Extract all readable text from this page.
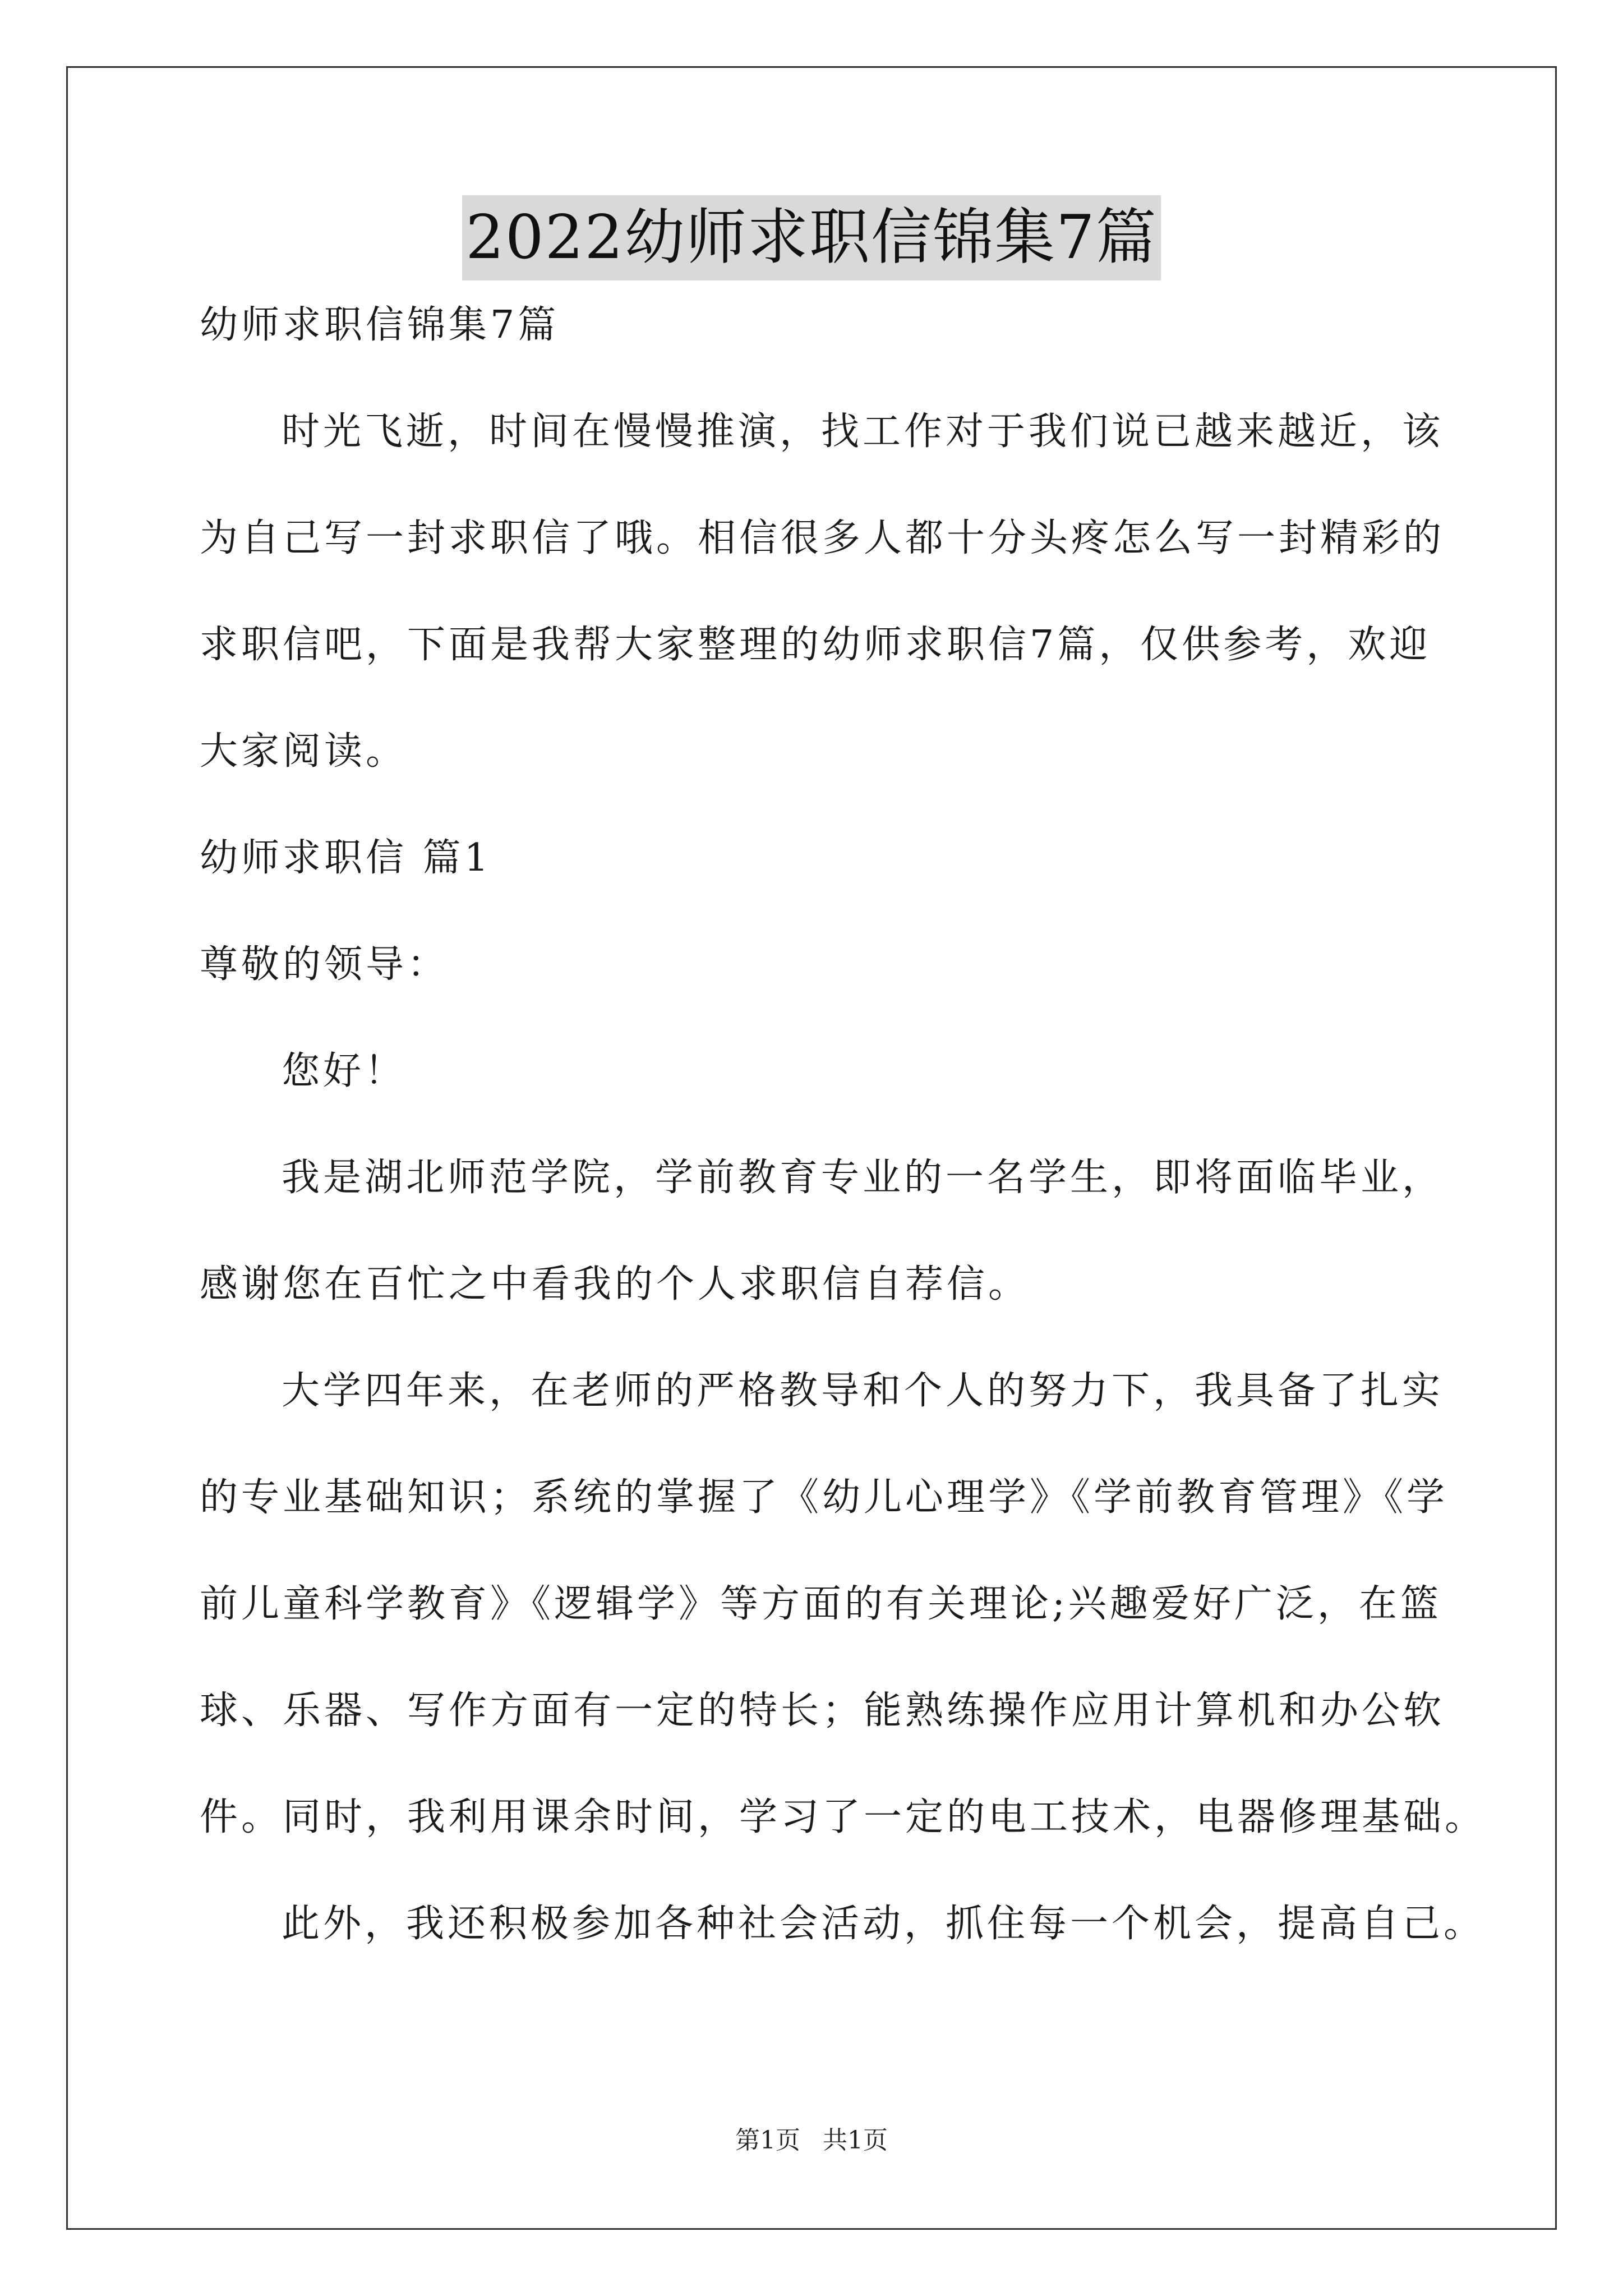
2022幼师求职信锦集7篇
幼师求职信锦集7篇
时光飞逝，时间在慢慢推演，找工作对于我们说已越来越近，该
为自己写一封求职信了哦。相信很多人都十分头疼怎么写一封精彩的
求职信吧，下面是我帮大家整理的幼师求职信7篇，仅供参考，欢迎
大家阅读。
幼师求职信 篇1
尊敬的领导：
您好！
我是湖北师范学院，学前教育专业的一名学生，即将面临毕业，
感谢您在百忙之中看我的个人求职信自荐信。
大学四年来，在老师的严格教导和个人的努力下，我具备了扎实
的专业基础知识；系统的掌握了《幼儿心理学》《学前教育管理》《学
前儿童科学教育》《逻辑学》等方面的有关理论;兴趣爱好广泛，在篮
球、乐器、写作方面有一定的特长；能熟练操作应用计算机和办公软
件。同时，我利用课余时间，学习了一定的电工技术，电器修理基础。
此外，我还积极参加各种社会活动，抓住每一个机会，提高自己。
第1页 共1页
